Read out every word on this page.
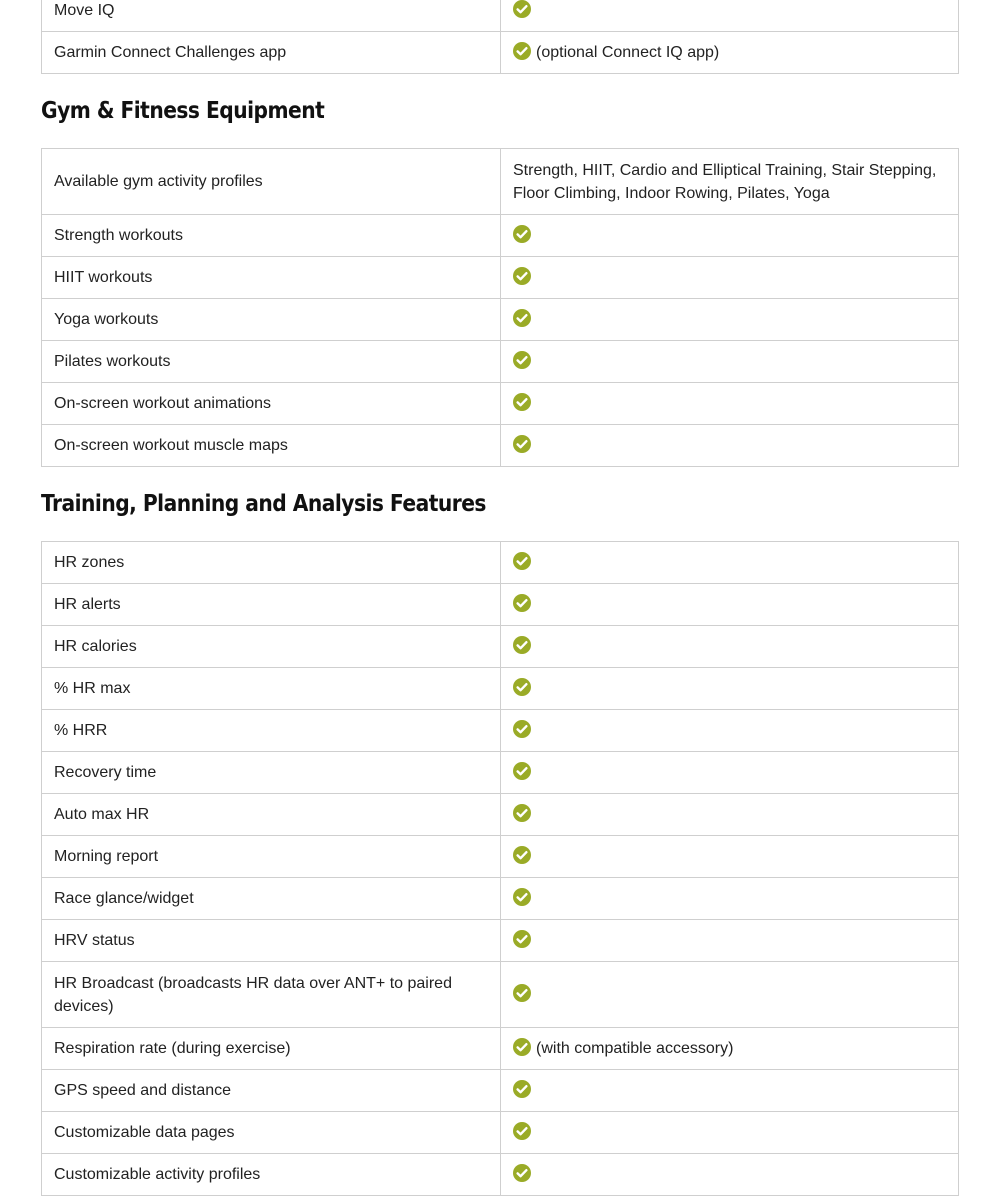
Move IQ	

Garmin Connect Challenges app	(optional Connect IQ app)
Gym & Fitness Equipment
Available gym activity profiles	Strength, HIIT, Cardio and Elliptical Training, Stair Stepping, Floor Climbing, Indoor Rowing, Pilates, Yoga
Strength workouts	

HIIT workouts	

Yoga workouts	

Pilates workouts	

On-screen workout animations	

On-screen workout muscle maps	
Training, Planning and Analysis Features
HR zones	

HR alerts	

HR calories	

% HR max	

% HRR	

Recovery time	

Auto max HR	

Morning report	

Race glance/widget	

HRV status	

HR Broadcast (broadcasts HR data over ANT+ to paired devices)	

Respiration rate (during exercise)	(with compatible accessory)
GPS speed and distance	

Customizable data pages	

Customizable activity profiles	
